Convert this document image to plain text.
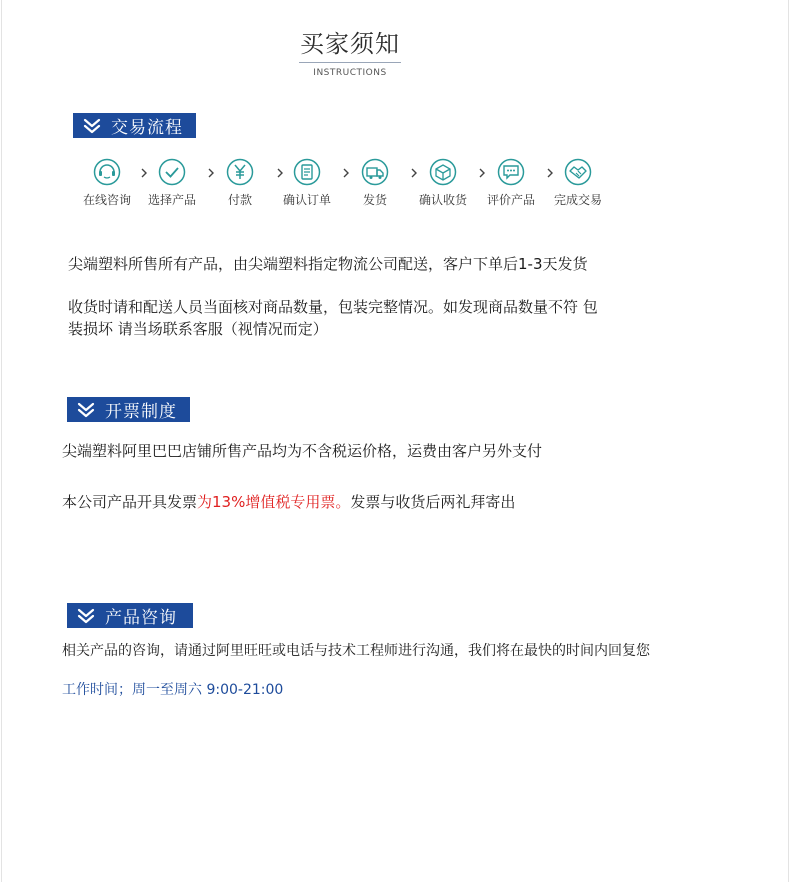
买家须知
INSTRUCTIONS
交易流程
在线咨询	选择产品	付款	确认订单	发货	确认收货	评价产品	完成交易
尖端塑料所售所有产品，由尖端塑料指定物流公司配送，客户下单后1-3天发货
收货时请和配送人员当面核对商品数量，包装完整情况。如发现商品数量不符 包
装损坏 请当场联系客服（视情况而定）
开票制度
尖端塑料阿里巴巴店铺所售产品均为不含税运价格，运费由客户另外支付
本公司产品开具发票为13%增值税专用票。发票与收货后两礼拜寄出
产品咨询
相关产品的咨询，请通过阿里旺旺或电话与技术工程师进行沟通，我们将在最快的时间内回复您
工作时间；周一至周六 9:00-21:00
